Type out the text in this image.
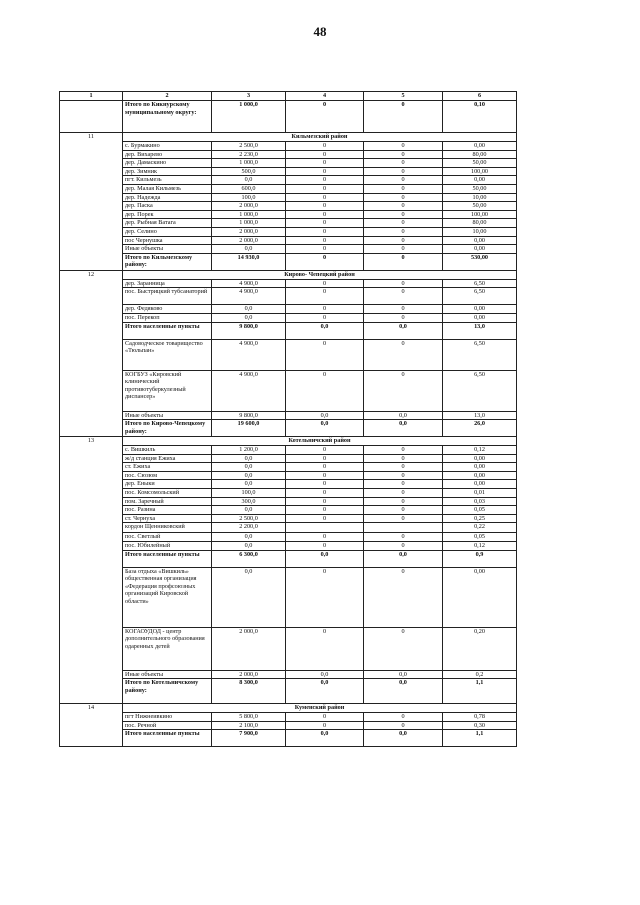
48
1	2	3	4	5	6
	Итого по Кикнурскому муниципальному округу:	1 000,0	0	0	0,10
11	Кильмезский район				
	с. Бурмакино	2 500,0	0	0	0,00
	дер. Вихарево	2 230,0	0	0	80,00
	дер. Дамаскино	1 000,0	0	0	50,00
	дер. Зимник	500,0	0	0	100,00
	пгт. Кильмезь	0,0	0	0	0,00
	дер. Малая Кильмезь	600,0	0	0	50,00
	дер. Надежда	100,0	0	0	10,00
	дер. Паска	2 000,0	0	0	50,00
	дер. Порек	1 000,0	0	0	100,00
	дер. Рыбная Ватага	1 000,0	0	0	80,00
	дер. Селино	2 000,0	0	0	10,00
	пос Чернушка	2 000,0	0	0	0,00
	Иные объекты	0,0	0	0	0,00
	Итого по Кильмезскому району:	14 930,0	0	0	530,00
12	Кирово- Чепецкий район				
	дер. Заранница	4 900,0	0	0	6,50
	пос. Быстрицкий тубсанаторий	4 900,0	0	0	6,50
	дер. Федяково	0,0	0	0	0,00
	пос. Перекоп	0,0	0	0	0,00
	Итого населенные пункты	9 800,0	0,0	0,0	13,0
	Садоводческое товарищество «Тюльпан»	4 900,0	0	0	6,50
	КОГБУЗ «Кировский клинический противотуберкулезный диспансер»	4 900,0	0	0	6,50
	Иные объекты	9 800,0	0,0	0,0	13,0
	Итого по Кирово-Чепецкому району:	19 600,0	0,0	0,0	26,0
13	Котельничский район				
	с. Вишкиль	1 200,0	0	0	0,12
	ж/д станция Ежиха	0,0	0	0	0,00
	ст. Ежиха	0,0	0	0	0,00
	пос. Сюзюм	0,0	0	0	0,00
	дер. Еныки	0,0	0	0	0,00
	пос. Комсомольский	100,0	0	0	0,01
	пом. Заречный	300,0	0	0	0,03
	пос. Разина	0,0	0	0	0,05
	ст. Чернуха	2 500,0	0	0	0,25
	кордон Щенниковский	2 200,0			0,22
	пос. Светлый	0,0	0	0	0,05
	пос. Юбилейный	0,0	0	0	0,12
	Итого населенные пункты	6 300,0	0,0	0,0	0,9
	База отдыха «Вишкиль» общественная организация «Федерация профсоюзных организаций Кировской области»	0,0	0	0	0,00
	КОГАОУДОД - центр дополнительного образования одаренных детей	2 000,0	0	0	0,20
	Иные объекты	2 000,0	0,0	0,0	0,2
	Итого по Котельничскому району:	8 300,0	0,0	0,0	1,1
14	Куменский район				
	пгт Нижнеивкино	5 800,0	0	0	0,78
	пос. Речной	2 100,0	0	0	0,30
	Итого населенные пункты	7 900,0	0,0	0,0	1,1
